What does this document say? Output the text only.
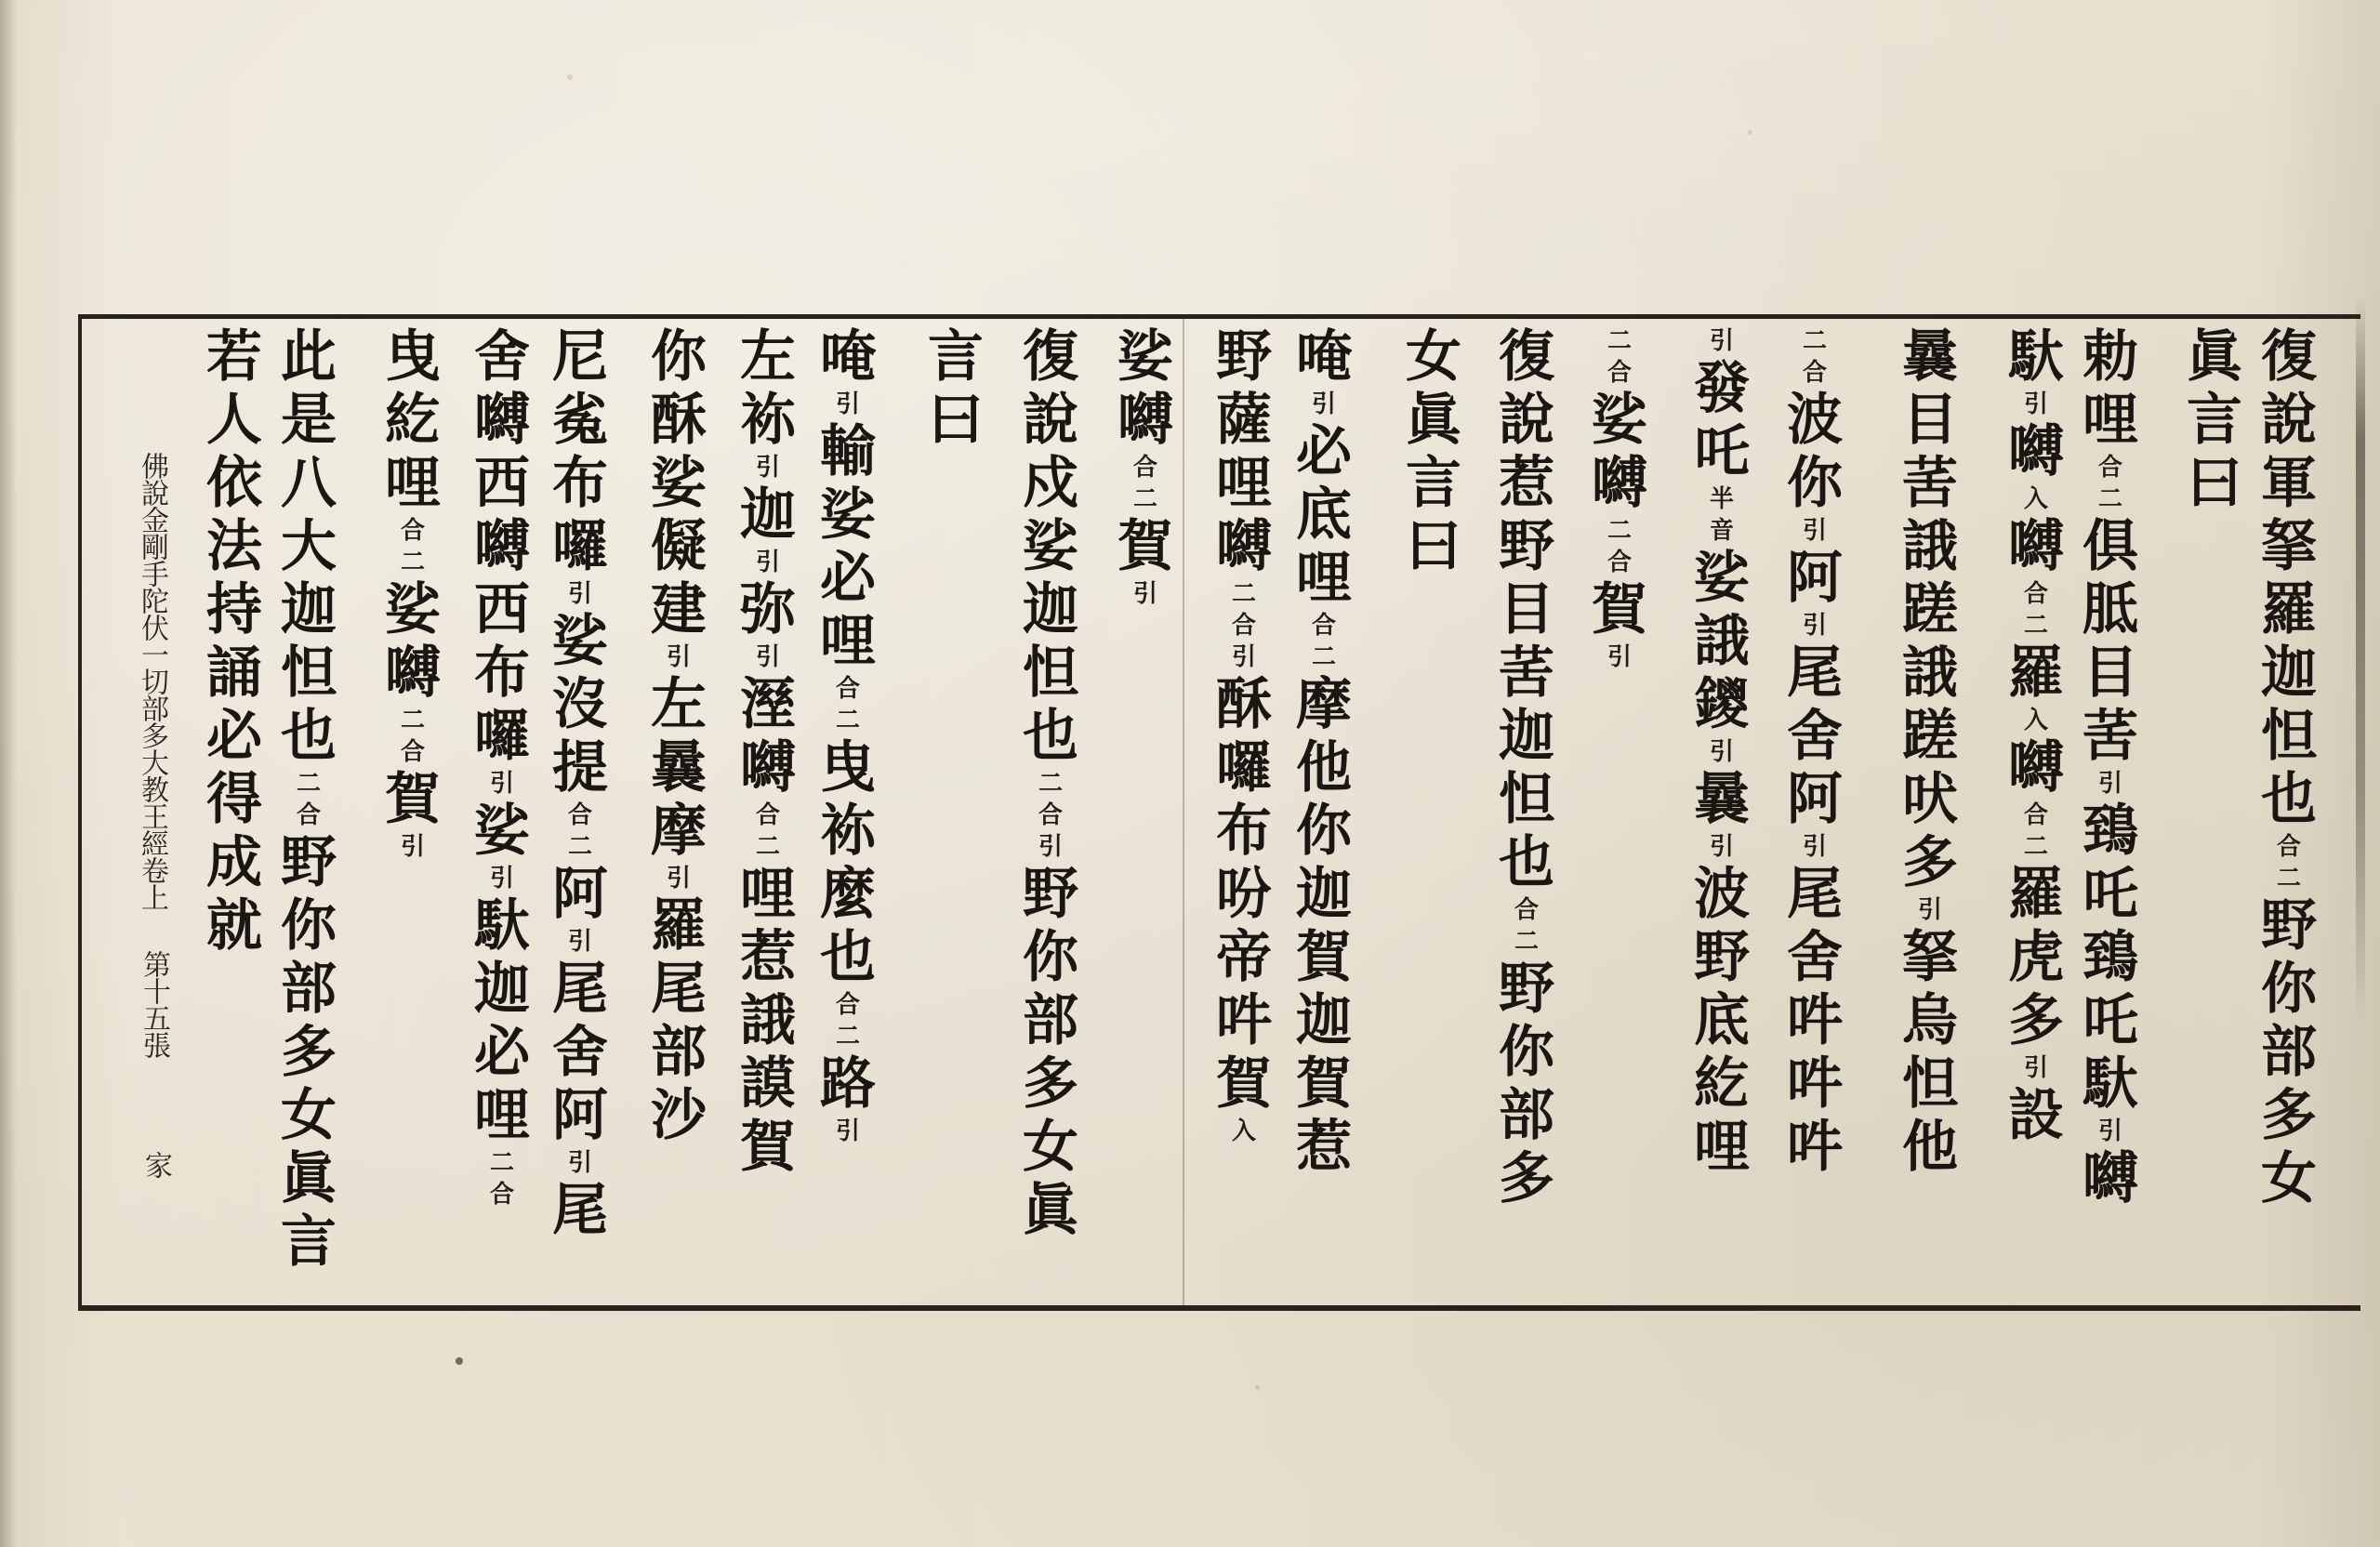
復
說
軍
拏
羅
迦
怛
也
合
二
野
你
部
多
女
眞
言
曰
勅
哩
合
二
俱
胝
目
䒷
引
鵄
吒
鵄
吒
馱
引
嚩
馱
引
嚩
入
嚩
合
二
羅
入
嚩
合
二
羅
虎
多
引
設
曩
目
䒷
誐
蹉
誐
蹉
吠
多
引
拏
烏
怛
他
二
合
波
你
引
阿
引
尾
舍
阿
引
尾
舍
吽
吽
吽
引
發
吒
半
音
娑
誐
鑁
引
曩
引
波
野
底
紇
哩
二
合
娑
嚩
二
合
賀
引
復
說
惹
野
目
䒷
迦
怛
也
合
二
野
你
部
多
女
眞
言
曰
唵
引
必
底
哩
合
二
摩
他
你
迦
賀
迦
賀
惹
野
薩
哩
嚩
二
合
引
酥
囉
布
吩
帝
吽
賀
入
娑
嚩
合
二
賀
引
復
說
戍
娑
迦
怛
也
二
合
引
野
你
部
多
女
眞
言
曰
唵
引
輸
娑
必
哩
合
二
曳
袮
麼
也
合
二
路
引
左
袮
引
迦
引
弥
引
溼
嚩
合
二
哩
惹
誐
謨
賀
你
酥
娑
儗
建
引
左
曩
摩
引
羅
尾
部
沙
尼
㝹
布
囉
引
娑
沒
提
合
二
阿
引
尾
舍
阿
引
尾
舍
嚩
西
嚩
西
布
囉
引
娑
引
馱
迦
必
哩
二
合
曳
紇
哩
合
二
娑
嚩
二
合
賀
引
此
是
八
大
迦
怛
也
二
合
野
你
部
多
女
眞
言
若
人
依
法
持
誦
必
得
成
就
佛說金剛手陀伏一切部多大教王經卷上
第十五張
家
